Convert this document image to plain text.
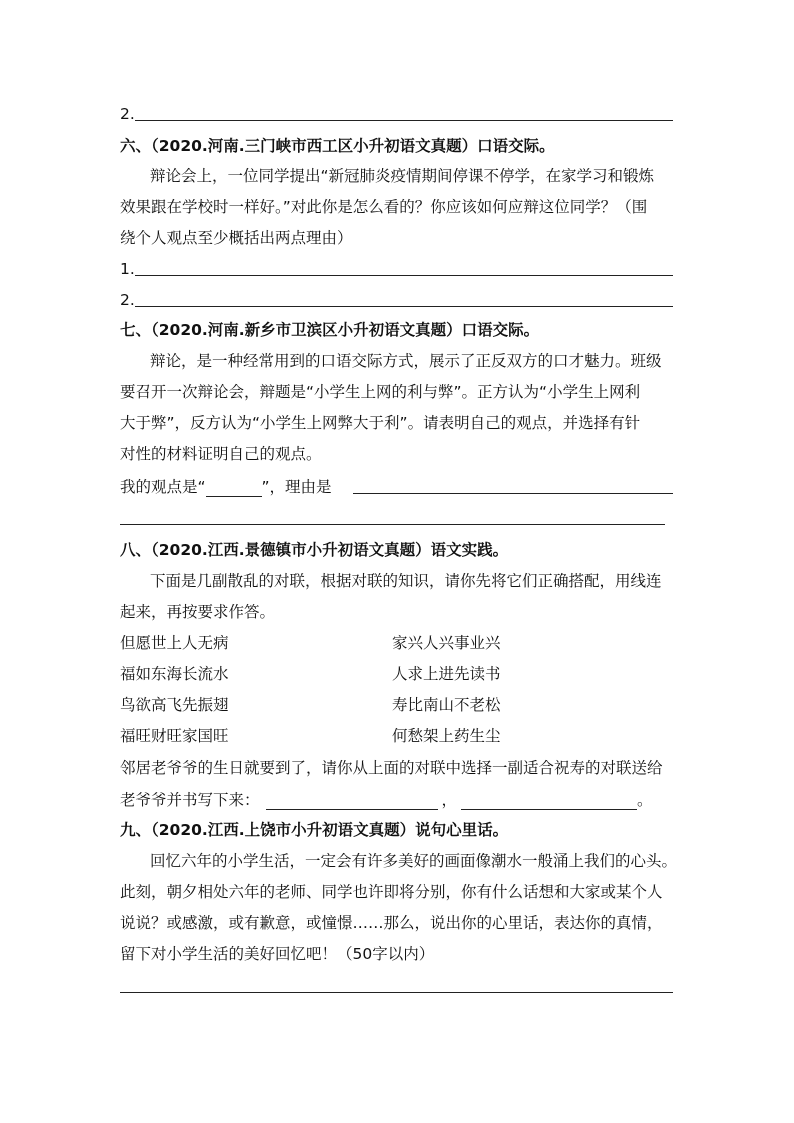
2.
六、（2020.河南.三门峡市西工区小升初语文真题）口语交际。
辩论会上，一位同学提出“新冠肺炎疫情期间停课不停学，在家学习和锻炼
效果跟在学校时一样好。”对此你是怎么看的？你应该如何应辩这位同学？（围
绕个人观点至少概括出两点理由）
1.
2.
七、（2020.河南.新乡市卫滨区小升初语文真题）口语交际。
辩论，是一种经常用到的口语交际方式，展示了正反双方的口才魅力。班级
要召开一次辩论会，辩题是“小学生上网的利与弊”。正方认为“小学生上网利
大于弊”，反方认为“小学生上网弊大于利”。请表明自己的观点，并选择有针
对性的材料证明自己的观点。
我的观点是“	”，理由是
八、（2020.江西.景德镇市小升初语文真题）语文实践。
下面是几副散乱的对联，根据对联的知识，请你先将它们正确搭配，用线连
起来，再按要求作答。
但愿世上人无病	家兴人兴事业兴
福如东海长流水	人求上进先读书
鸟欲高飞先振翅	寿比南山不老松
福旺财旺家国旺	何愁架上药生尘
邻居老爷爷的生日就要到了，请你从上面的对联中选择一副适合祝寿的对联送给
老爷爷并书写下来：	，	。
九、（2020.江西.上饶市小升初语文真题）说句心里话。
回忆六年的小学生活，一定会有许多美好的画面像潮水一般涌上我们的心头。
此刻，朝夕相处六年的老师、同学也许即将分别，你有什么话想和大家或某个人
说说？或感激，或有歉意，或憧憬……那么，说出你的心里话，表达你的真情，
留下对小学生活的美好回忆吧！（50字以内）
